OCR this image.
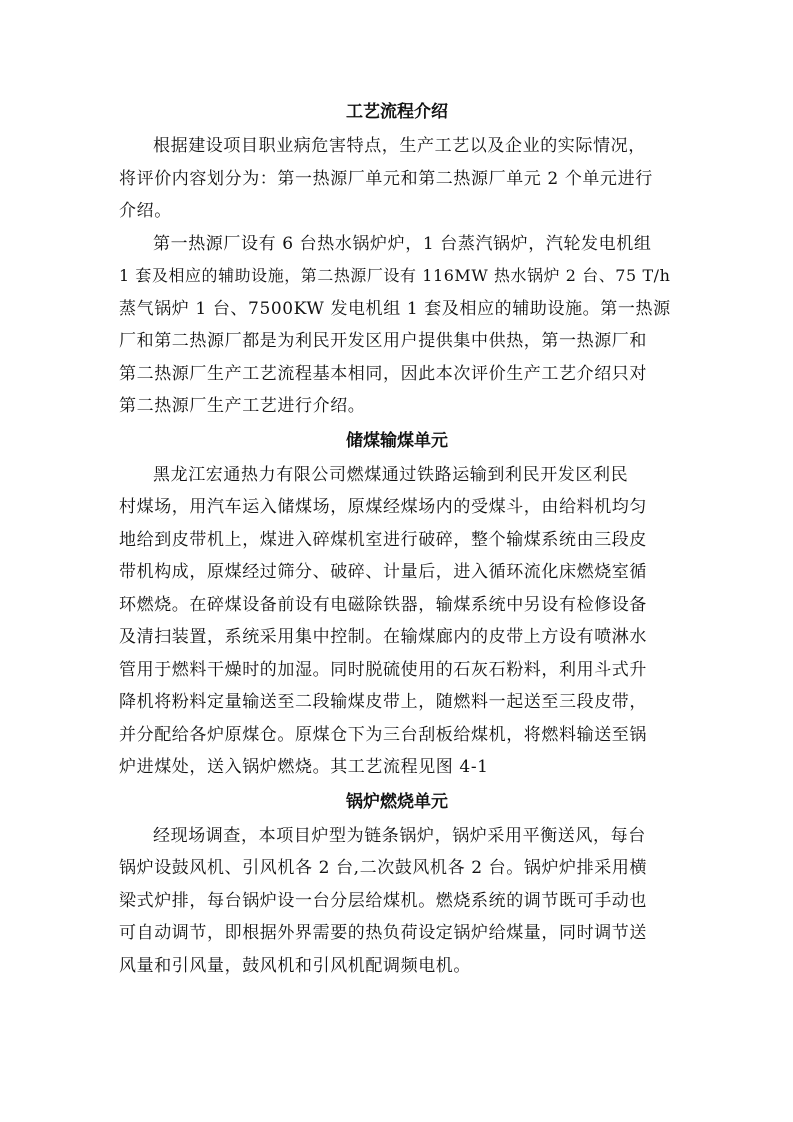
工艺流程介绍
根据建设项目职业病危害特点，生产工艺以及企业的实际情况，
将评价内容划分为：第一热源厂单元和第二热源厂单元 2 个单元进行
介绍。
第一热源厂设有 6 台热水锅炉炉，1 台蒸汽锅炉，汽轮发电机组
1 套及相应的辅助设施，第二热源厂设有 116MW 热水锅炉 2 台、75 T/h
蒸气锅炉 1 台、7500KW 发电机组 1 套及相应的辅助设施。第一热源
厂和第二热源厂都是为利民开发区用户提供集中供热，第一热源厂和
第二热源厂生产工艺流程基本相同，因此本次评价生产工艺介绍只对
第二热源厂生产工艺进行介绍。
储煤输煤单元
黑龙江宏通热力有限公司燃煤通过铁路运输到利民开发区利民
村煤场，用汽车运入储煤场，原煤经煤场内的受煤斗，由给料机均匀
地给到皮带机上，煤进入碎煤机室进行破碎，整个输煤系统由三段皮
带机构成，原煤经过筛分、破碎、计量后，进入循环流化床燃烧室循
环燃烧。在碎煤设备前设有电磁除铁器，输煤系统中另设有检修设备
及清扫装置，系统采用集中控制。在输煤廊内的皮带上方设有喷淋水
管用于燃料干燥时的加湿。同时脱硫使用的石灰石粉料，利用斗式升
降机将粉料定量输送至二段输煤皮带上，随燃料一起送至三段皮带，
并分配给各炉原煤仓。原煤仓下为三台刮板给煤机，将燃料输送至锅
炉进煤处，送入锅炉燃烧。其工艺流程见图 4-1
锅炉燃烧单元
经现场调查，本项目炉型为链条锅炉，锅炉采用平衡送风，每台
锅炉设鼓风机、引风机各 2 台,二次鼓风机各 2 台。锅炉炉排采用横
梁式炉排，每台锅炉设一台分层给煤机。燃烧系统的调节既可手动也
可自动调节，即根据外界需要的热负荷设定锅炉给煤量，同时调节送
风量和引风量，鼓风机和引风机配调频电机。
